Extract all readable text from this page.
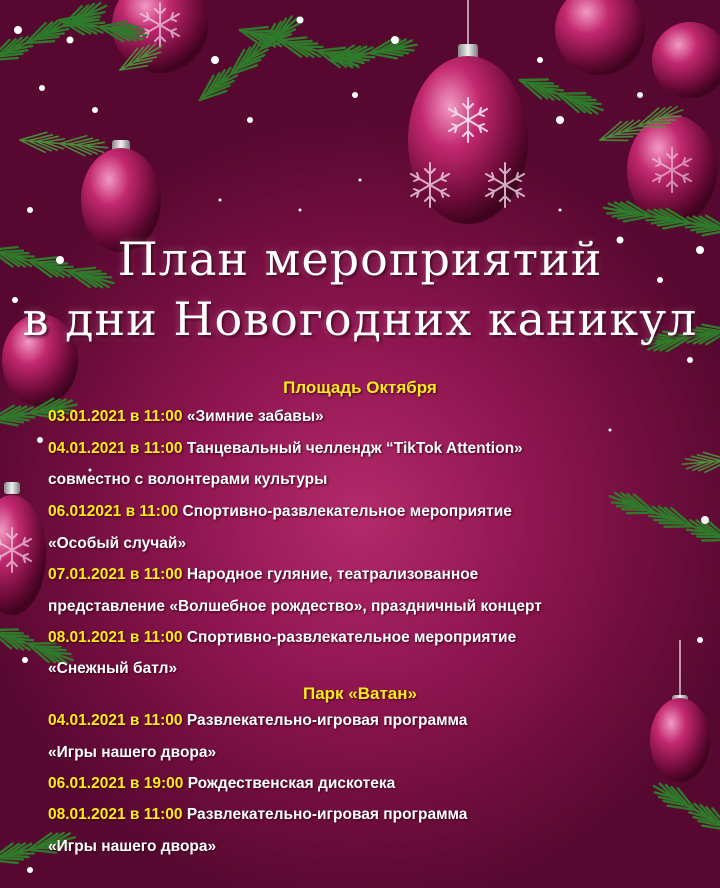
План мероприятий
в дни Новогодних каникул
Площадь Октября
03.01.2021 в 11:00 «Зимние забавы»
04.01.2021 в 11:00 Танцевальный челлендж “TikTok Attention»
совместно с волонтерами культуры
06.012021 в 11:00 Спортивно-развлекательное мероприятие
«Особый случай»
07.01.2021 в 11:00 Народное гуляние, театрализованное
представление «Волшебное рождество», праздничный концерт
08.01.2021 в 11:00 Спортивно-развлекательное мероприятие
«Снежный батл»
Парк «Ватан»
04.01.2021 в 11:00 Развлекательно-игровая программа
«Игры нашего двора»
06.01.2021 в 19:00 Рождественская дискотека
08.01.2021 в 11:00 Развлекательно-игровая программа
«Игры нашего двора»
